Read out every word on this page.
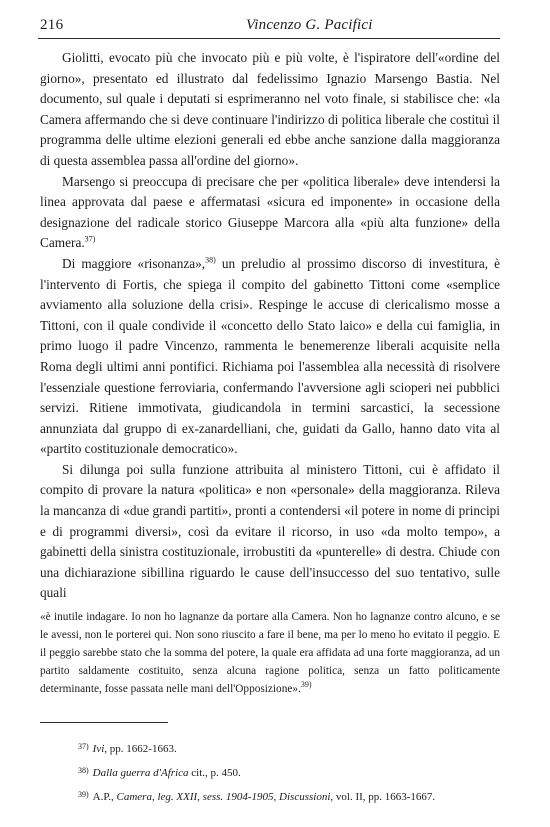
216	Vincenzo G. Pacifici

Giolitti, evocato più che invocato più e più volte, è l'ispiratore dell'«ordine del giorno», presentato ed illustrato dal fedelissimo Ignazio Marsengo Bastia. Nel documento, sul quale i deputati si esprimeranno nel voto finale, si stabilisce che: «la Camera affermando che si deve continuare l'indirizzo di politica liberale che costituì il programma delle ultime elezioni generali ed ebbe anche sanzione dalla maggioranza di questa assemblea passa all'ordine del giorno».

Marsengo si preoccupa di precisare che per «politica liberale» deve intendersi la linea approvata dal paese e affermatasi «sicura ed imponente» in occasione della designazione del radicale storico Giuseppe Marcora alla «più alta funzione» della Camera.$^{37)}$

Di maggiore «risonanza»,$^{38)}$ un preludio al prossimo discorso di investitura, è l'intervento di Fortis, che spiega il compito del gabinetto Tittoni come «semplice avviamento alla soluzione della crisi». Respinge le accuse di clericalismo mosse a Tittoni, con il quale condivide il «concetto dello Stato laico» e della cui famiglia, in primo luogo il padre Vincenzo, rammenta le benemerenze liberali acquisite nella Roma degli ultimi anni pontifici. Richiama poi l'assemblea alla necessità di risolvere l'essenziale questione ferroviaria, confermando l'avversione agli scioperi nei pubblici servizi. Ritiene immotivata, giudicandola in termini sarcastici, la secessione annunziata dal gruppo di ex-zanardelliani, che, guidati da Gallo, hanno dato vita al «partito costituzionale democratico».

Si dilunga poi sulla funzione attribuita al ministero Tittoni, cui è affidato il compito di provare la natura «politica» e non «personale» della maggioranza. Rileva la mancanza di «due grandi partiti», pronti a contendersi «il potere in nome di principi e di programmi diversi», così da evitare il ricorso, in uso «da molto tempo», a gabinetti della sinistra costituzionale, irrobustiti da «punterelle» di destra. Chiude con una dichiarazione sibillina riguardo le cause dell'insuccesso del suo tentativo, sulle quali

«è inutile indagare. Io non ho lagnanze da portare alla Camera. Non ho lagnanze contro alcuno, e se le avessi, non le porterei qui. Non sono riuscito a fare il bene, ma per lo meno ho evitato il peggio. E il peggio sarebbe stato che la somma del potere, la quale era affidata ad una forte maggioranza, ad un partito saldamente costituito, senza alcuna ragione politica, senza un fatto politicamente determinante, fosse passata nelle mani dell'Opposizione».$^{39)}$

$^{37)}$ Ivi, pp. 1662-1663.

$^{38)}$ Dalla guerra d'Africa cit., p. 450.

$^{39)}$ A.P., Camera, leg. XXII, sess. 1904-1905, Discussioni, vol. II, pp. 1663-1667.
